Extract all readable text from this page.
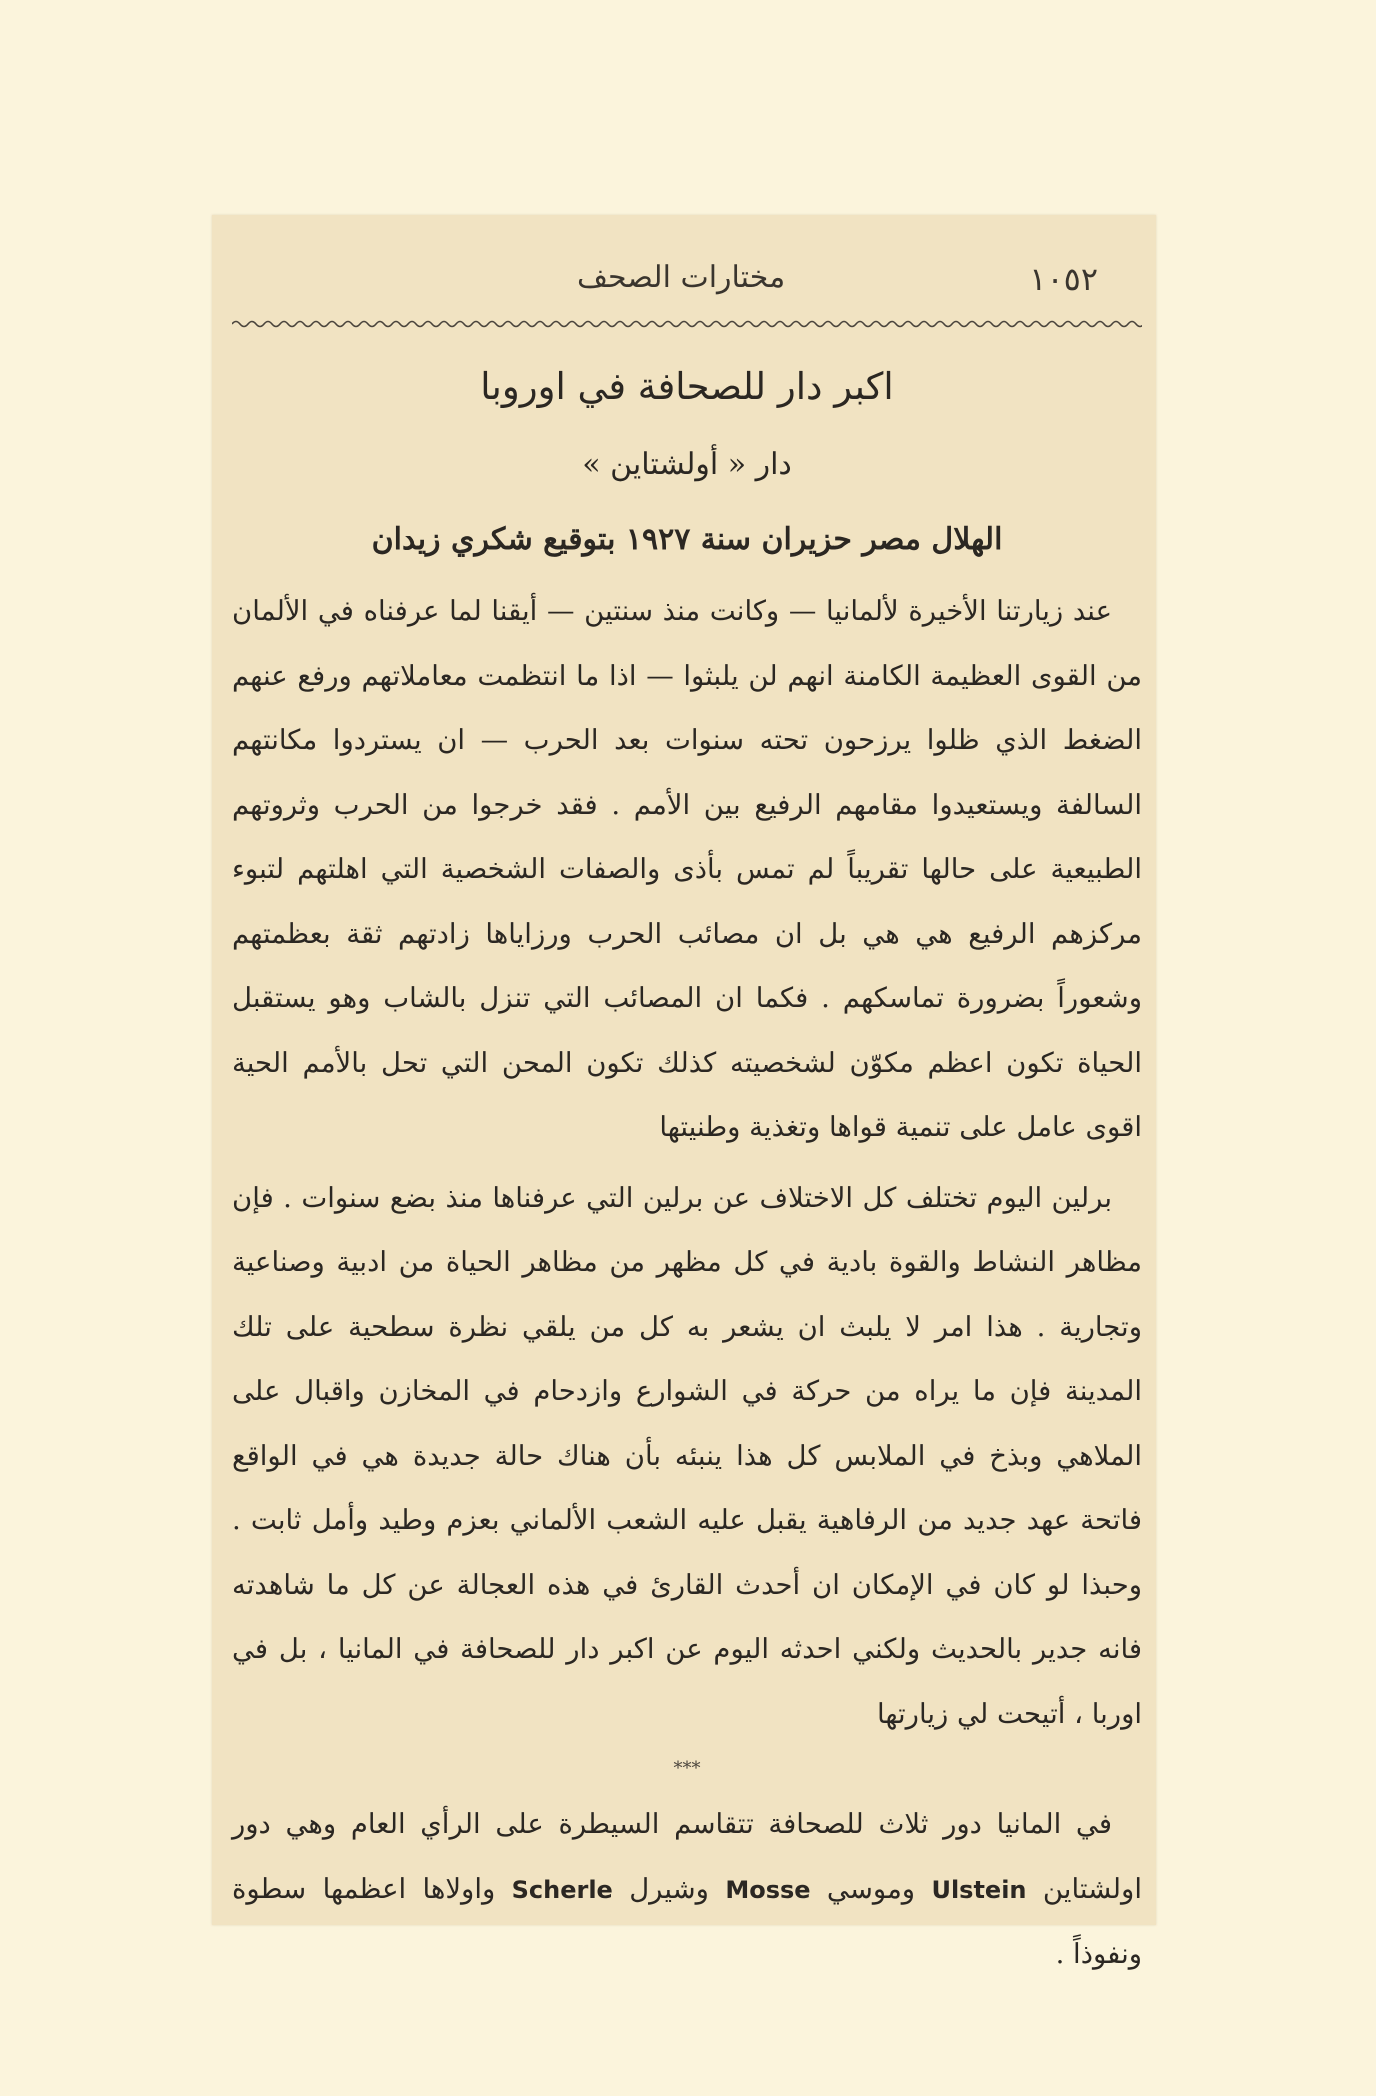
مختارات الصحف	١٠٥٢

اكبر دار للصحافة في اوروبا

دار « أولشتاين »

الهلال مصر حزيران سنة ١٩٢٧ بتوقيع شكري زيدان

عند زيارتنا الأخيرة لألمانيا — وكانت منذ سنتين — أيقنا لما عرفناه في الألمان من القوى العظيمة الكامنة انهم لن يلبثوا — اذا ما انتظمت معاملاتهم ورفع عنهم الضغط الذي ظلوا يرزحون تحته سنوات بعد الحرب — ان يستردوا مكانتهم السالفة ويستعيدوا مقامهم الرفيع بين الأمم . فقد خرجوا من الحرب وثروتهم الطبيعية على حالها تقريباً لم تمس بأذى والصفات الشخصية التي اهلتهم لتبوء مركزهم الرفيع هي هي بل ان مصائب الحرب ورزاياها زادتهم ثقة بعظمتهم وشعوراً بضرورة تماسكهم . فكما ان المصائب التي تنزل بالشاب وهو يستقبل الحياة تكون اعظم مكوّن لشخصيته كذلك تكون المحن التي تحل بالأمم الحية اقوى عامل على تنمية قواها وتغذية وطنيتها

برلين اليوم تختلف كل الاختلاف عن برلين التي عرفناها منذ بضع سنوات . فإن مظاهر النشاط والقوة بادية في كل مظهر من مظاهر الحياة من ادبية وصناعية وتجارية . هذا امر لا يلبث ان يشعر به كل من يلقي نظرة سطحية على تلك المدينة فإن ما يراه من حركة في الشوارع وازدحام في المخازن واقبال على الملاهي وبذخ في الملابس كل هذا ينبئه بأن هناك حالة جديدة هي في الواقع فاتحة عهد جديد من الرفاهية يقبل عليه الشعب الألماني بعزم وطيد وأمل ثابت . وحبذا لو كان في الإمكان ان أحدث القارئ في هذه العجالة عن كل ما شاهدته فانه جدير بالحديث ولكني احدثه اليوم عن اكبر دار للصحافة في المانيا ، بل في اوربا ، أتيحت لي زيارتها

***

في المانيا دور ثلاث للصحافة تتقاسم السيطرة على الرأي العام وهي دور اولشتاين Ulstein وموسي Mosse وشيرل Scherle واولاها اعظمها سطوة ونفوذاً .
